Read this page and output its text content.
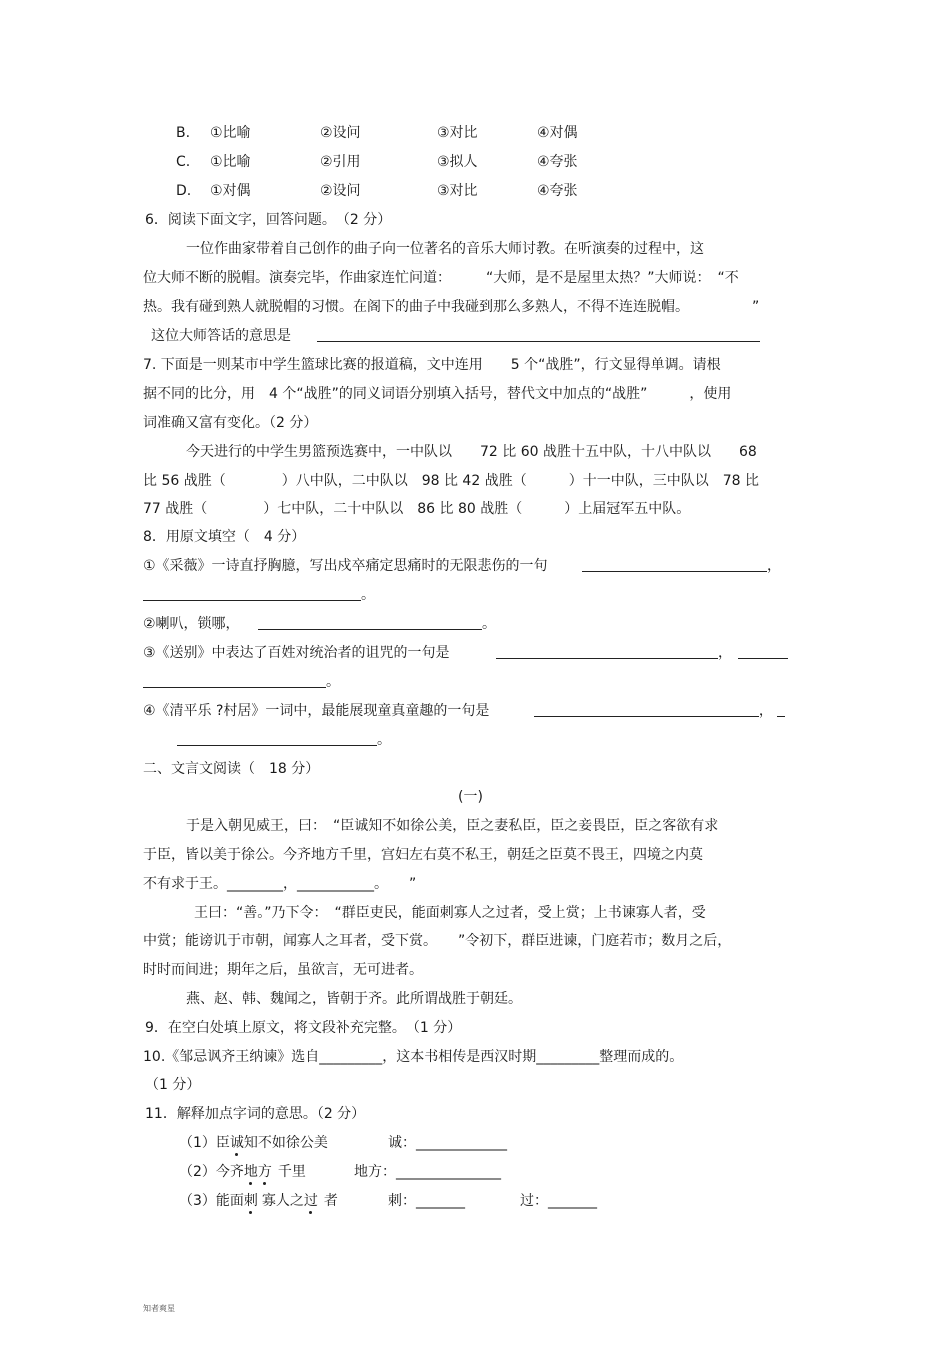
B. ①比喻	②设问	③对比	④对偶
C. ①比喻	②引用	③拟人	④夸张
D. ①对偶	②设问	③对比	④夸张
6．阅读下面文字，回答问题。　（2 分）
一位作曲家带着自己创作的曲子向一位著名的音乐大师讨教。在听演奏的过程中，这
位大师不断的脱帽。演奏完毕，作曲家连忙问道：　　　“大师，是不是屋里太热？”大师说：　“不
热。我有碰到熟人就脱帽的习惯。在阁下的曲子中我碰到那么多熟人，不得不连连脱帽。　　　　　”
这位大师答话的意思是
7. 下面是一则某市中学生篮球比赛的报道稿，文中连用　　5 个“战胜”，行文显得单调。请根
据不同的比分，用　4 个“战胜”的同义词语分别填入括号，替代文中加点的“战胜”　　　，使用
词准确又富有变化。（2 分）
今天进行的中学生男篮预选赛中，一中队以　　72 比 60 战胜十五中队，十八中队以　　68
比 56 战胜（　　　　）八中队，二中队以　98 比 42 战胜（　　　）十一中队，三中队以　78 比
77 战胜（　　　　）七中队，二十中队以　86 比 80 战胜（　　　）上届冠军五中队。
8．用原文填空（　4 分）
①《采薇》一诗直抒胸臆，写出戍卒痛定思痛时的无限悲伤的一句	，
。
②喇叭，锁哪，	。
③《送别》中表达了百姓对统治者的诅咒的一句是	，
。
④《清平乐 ?村居》一词中，最能展现童真童趣的一句是	，
。
二、文言文阅读（　18 分）
(一)
于是入朝见威王，曰：　“臣诚知不如徐公美，臣之妻私臣，臣之妾畏臣，臣之客欲有求
于臣，皆以美于徐公。今齐地方千里，宫妇左右莫不私王，朝廷之臣莫不畏王，四境之内莫
不有求于王。________，___________。　　”
王曰：“善。”乃下令：　“群臣吏民，能面刺寡人之过者，受上赏；上书谏寡人者，受
中赏；能谤讥于市朝，闻寡人之耳者，受下赏。　　”令初下，群臣进谏，门庭若市；数月之后，
时时而间进；期年之后，虽欲言，无可进者。
燕、赵、韩、魏闻之，皆朝于齐。此所谓战胜于朝廷。
9．在空白处填上原文，将文段补充完整。　（1 分）
10.《邹忌讽齐王纳谏》选自_________，这本书相传是西汉时期_________整理而成的。
（1 分）
11．解释加点字词的意思。（2 分）
（1）臣诚知不如徐公美	诚：_____________
（2）今齐地方 千里	地方：_______________
（3）能面刺 寡人之过 者	刺：_______	过：_______
知者爽星
